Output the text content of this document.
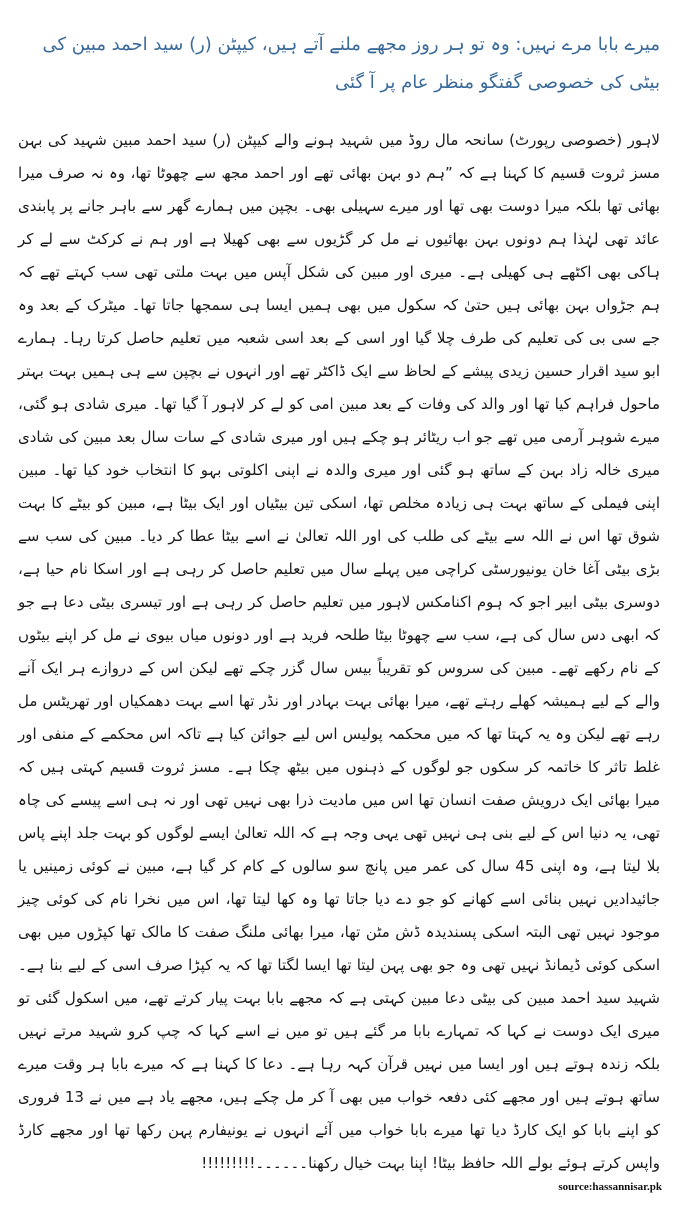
میرے بابا مرے نہیں: وہ تو ہر روز مجھے ملنے آتے ہیں، کیپٹن (ر) سید احمد مبین کی بیٹی کی خصوصی گفتگو منظر عام پر آ گئی

لاہور (خصوصی رپورٹ) سانحہ مال روڈ میں شہید ہونے والے کیپٹن (ر) سید احمد مبین شہید کی بہن مسز ثروت قسیم کا کہنا ہے کہ ”ہم دو بہن بھائی تھے اور احمد مجھ سے چھوٹا تھا، وہ نہ صرف میرا بھائی تھا بلکہ میرا دوست بھی تھا اور میرے سہیلی بھی۔ بچپن میں ہمارے گھر سے باہر جانے پر پابندی عائد تھی لہٰذا ہم دونوں بہن بھائیوں نے مل کر گڑیوں سے بھی کھیلا ہے اور ہم نے کرکٹ سے لے کر ہاکی بھی اکٹھے ہی کھیلی ہے۔ میری اور مبین کی شکل آپس میں بہت ملتی تھی سب کہتے تھے کہ ہم جڑواں بہن بھائی ہیں حتیٰ کہ سکول میں بھی ہمیں ایسا ہی سمجھا جاتا تھا۔ میٹرک کے بعد وہ جے سی بی کی تعلیم کی طرف چلا گیا اور اسی کے بعد اسی شعبہ میں تعلیم حاصل کرتا رہا۔ ہمارے ابو سید اقرار حسین زیدی پیشے کے لحاظ سے ایک ڈاکٹر تھے اور انہوں نے بچپن سے ہی ہمیں بہت بہتر ماحول فراہم کیا تھا اور والد کی وفات کے بعد مبین امی کو لے کر لاہور آ گیا تھا۔ میری شادی ہو گئی، میرے شوہر آرمی میں تھے جو اب ریٹائر ہو چکے ہیں اور میری شادی کے سات سال بعد مبین کی شادی میری خالہ زاد بہن کے ساتھ ہو گئی اور میری والدہ نے اپنی اکلوتی بہو کا انتخاب خود کیا تھا۔ مبین اپنی فیملی کے ساتھ بہت ہی زیادہ مخلص تھا، اسکی تین بیٹیاں اور ایک بیٹا ہے، مبین کو بیٹے کا بہت شوق تھا اس نے اللہ سے بیٹے کی طلب کی اور اللہ تعالیٰ نے اسے بیٹا عطا کر دیا۔ مبین کی سب سے بڑی بیٹی آغا خان یونیورسٹی کراچی میں پہلے سال میں تعلیم حاصل کر رہی ہے اور اسکا نام حیا ہے، دوسری بیٹی ابیر اجو کہ ہوم اکنامکس لاہور میں تعلیم حاصل کر رہی ہے اور تیسری بیٹی دعا ہے جو کہ ابھی دس سال کی ہے، سب سے چھوٹا بیٹا طلحہ فرید ہے اور دونوں میاں بیوی نے مل کر اپنے بیٹوں کے نام رکھے تھے۔ مبین کی سروس کو تقریباً بیس سال گزر چکے تھے لیکن اس کے دروازے ہر ایک آنے والے کے لیے ہمیشہ کھلے رہتے تھے، میرا بھائی بہت بہادر اور نڈر تھا اسے بہت دھمکیاں اور تھریٹس مل رہے تھے لیکن وہ یہ کہتا تھا کہ میں محکمہ پولیس اس لیے جوائن کیا ہے تاکہ اس محکمے کے منفی اور غلط تاثر کا خاتمہ کر سکوں جو لوگوں کے ذہنوں میں بیٹھ چکا ہے۔ مسز ثروت قسیم کہتی ہیں کہ میرا بھائی ایک درویش صفت انسان تھا اس میں مادیت ذرا بھی نہیں تھی اور نہ ہی اسے پیسے کی چاہ تھی، یہ دنیا اس کے لیے بنی ہی نہیں تھی یہی وجہ ہے کہ اللہ تعالیٰ ایسے لوگوں کو بہت جلد اپنے پاس بلا لیتا ہے، وہ اپنی 45 سال کی عمر میں پانچ سو سالوں کے کام کر گیا ہے، مبین نے کوئی زمینیں یا جائیدادیں نہیں بنائی اسے کھانے کو جو دے دیا جاتا تھا وہ کھا لیتا تھا، اس میں نخرا نام کی کوئی چیز موجود نہیں تھی البتہ اسکی پسندیدہ ڈش مٹن تھا، میرا بھائی ملنگ صفت کا مالک تھا کپڑوں میں بھی اسکی کوئی ڈیمانڈ نہیں تھی وہ جو بھی پہن لیتا تھا ایسا لگتا تھا کہ یہ کپڑا صرف اسی کے لیے بنا ہے۔ شہید سید احمد مبین کی بیٹی دعا مبین کہتی ہے کہ مجھے بابا بہت پیار کرتے تھے، میں اسکول گئی تو میری ایک دوست نے کہا کہ تمہارے بابا مر گئے ہیں تو میں نے اسے کہا کہ چپ کرو شہید مرتے نہیں بلکہ زندہ ہوتے ہیں اور ایسا میں نہیں قرآن کہہ رہا ہے۔ دعا کا کہنا ہے کہ میرے بابا ہر وقت میرے ساتھ ہوتے ہیں اور مجھے کئی دفعہ خواب میں بھی آ کر مل چکے ہیں، مجھے یاد ہے میں نے 13 فروری کو اپنے بابا کو ایک کارڈ دیا تھا میرے بابا خواب میں آئے انہوں نے یونیفارم پہن رکھا تھا اور مجھے کارڈ واپس کرتے ہوئے بولے اللہ حافظ بیٹا! اپنا بہت خیال رکھنا۔۔۔۔۔۔!!!!!!!!!

source:hassannisar.pk
